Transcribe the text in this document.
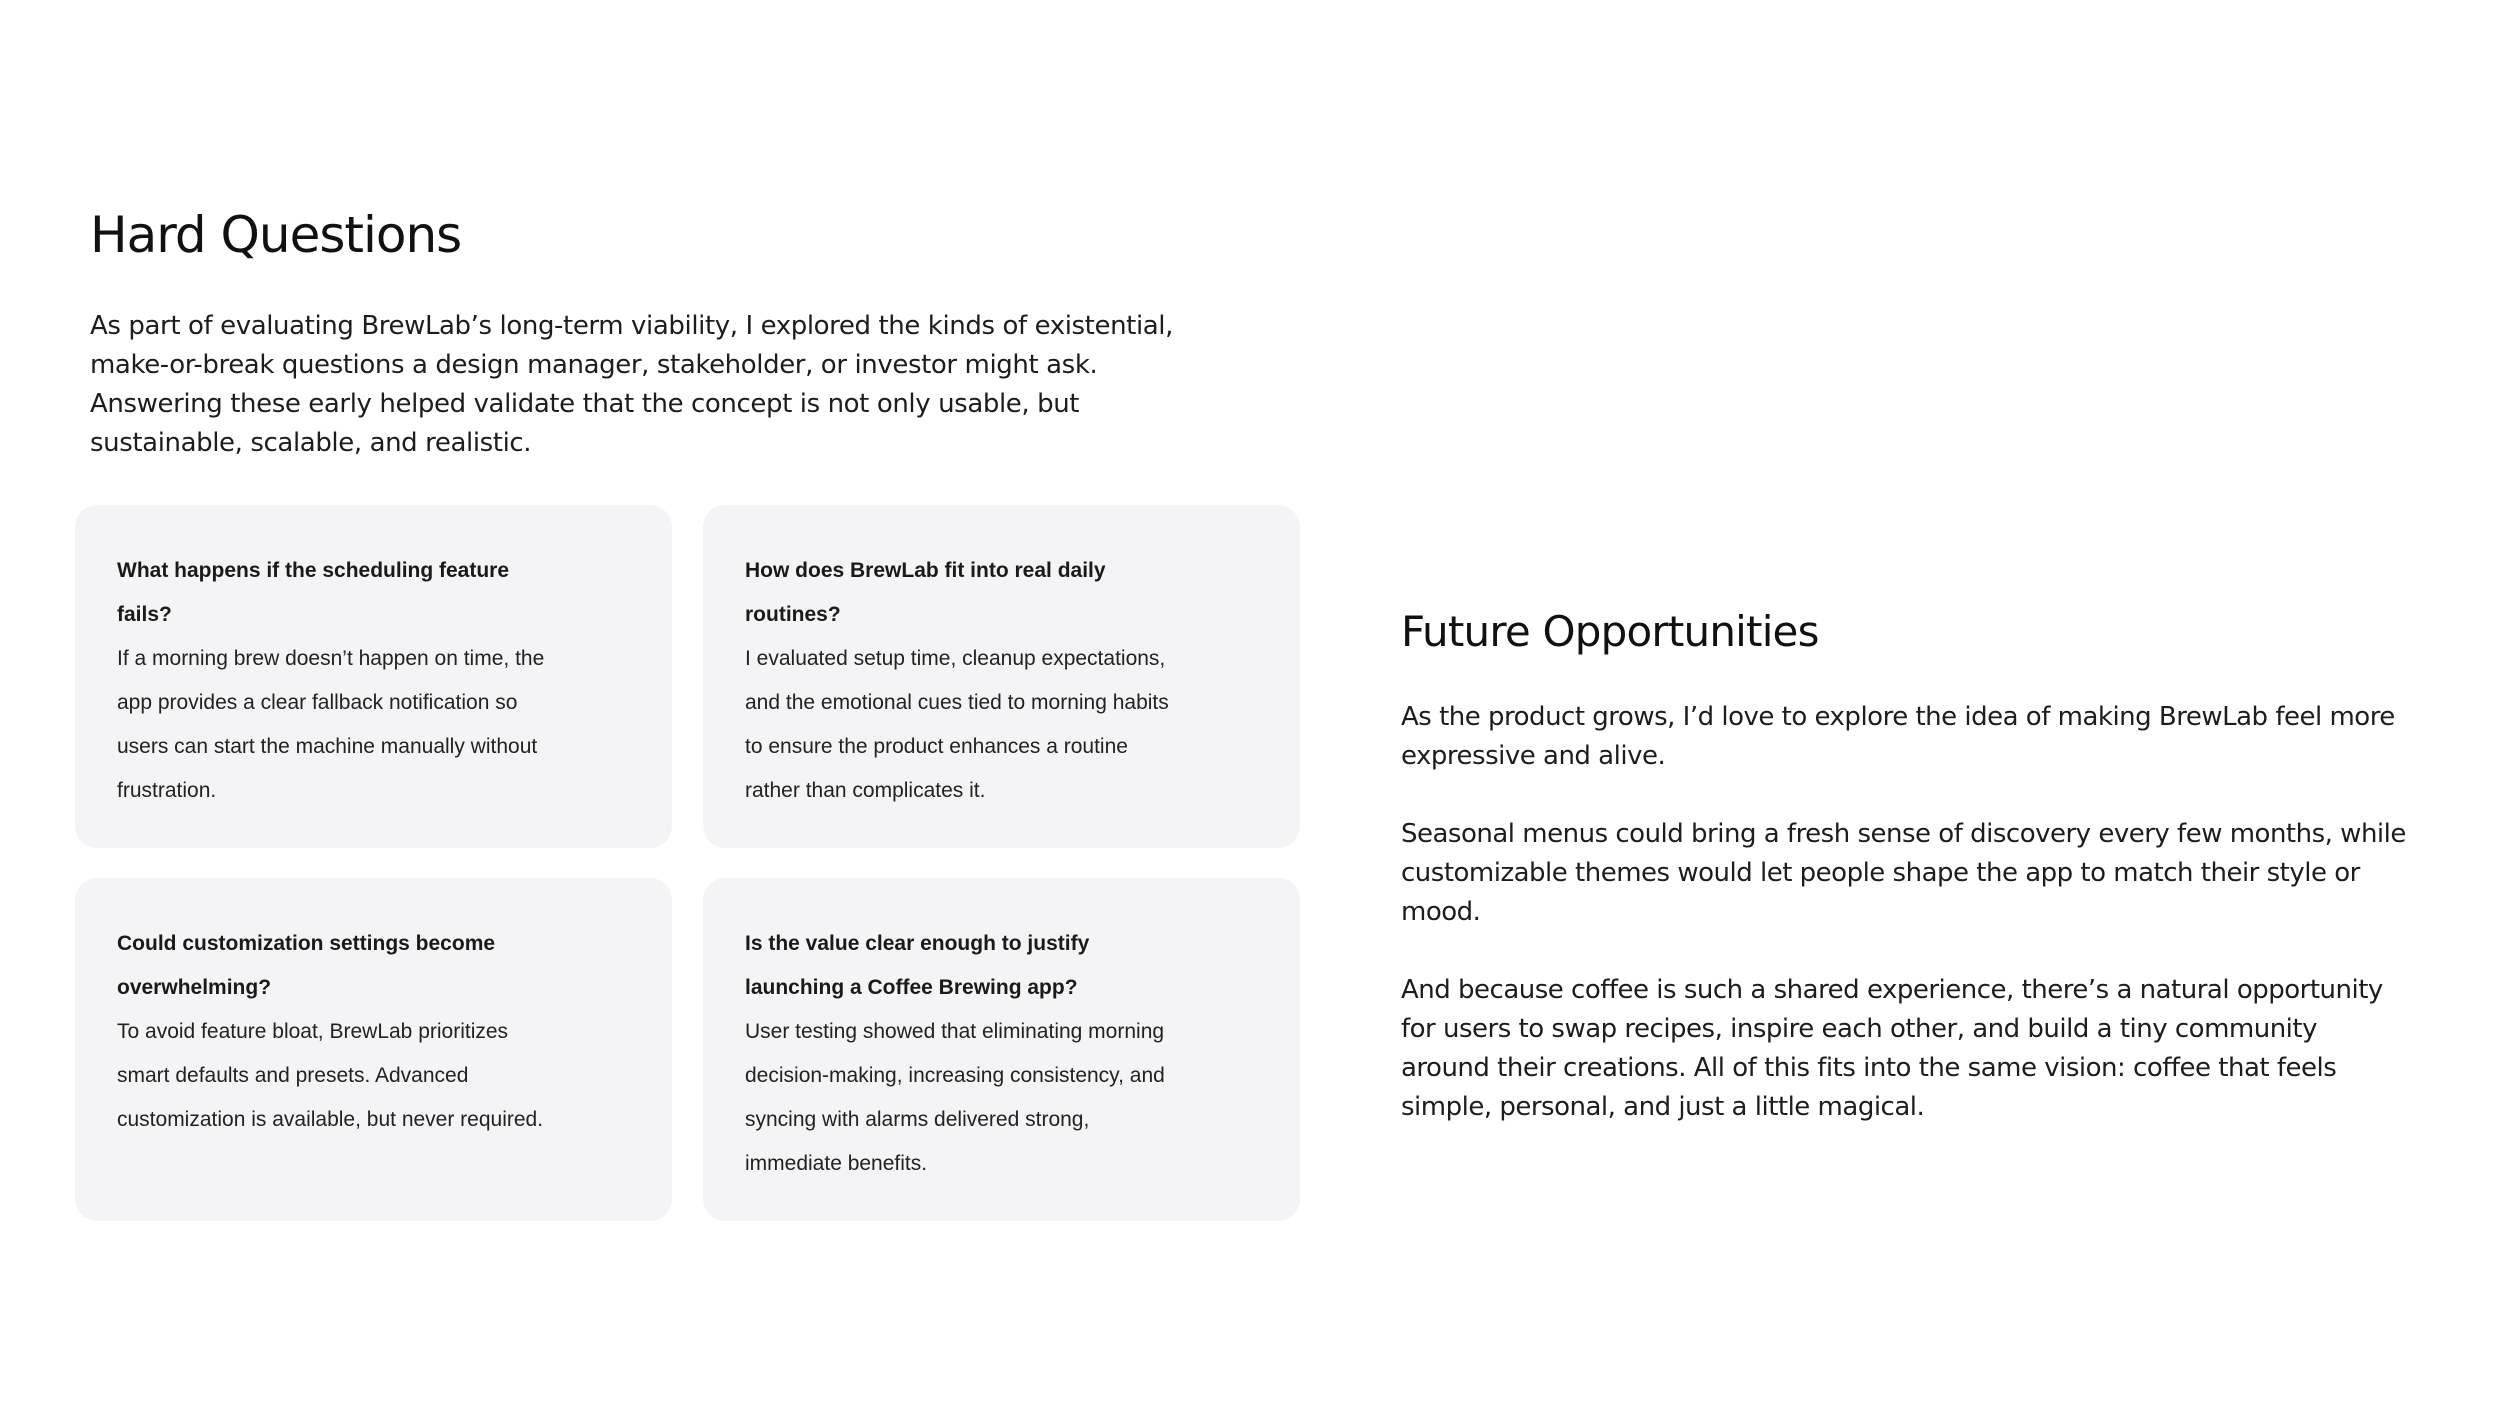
Hard Questions

As part of evaluating BrewLab’s long-term viability, I explored the kinds of existential, make-or-break questions a design manager, stakeholder, or investor might ask. Answering these early helped validate that the concept is not only usable, but sustainable, scalable, and realistic.

What happens if the scheduling feature fails?
If a morning brew doesn’t happen on time, the app provides a clear fallback notification so users can start the machine manually without frustration.
How does BrewLab fit into real daily routines?
I evaluated setup time, cleanup expectations, and the emotional cues tied to morning habits to ensure the product enhances a routine rather than complicates it.
Could customization settings become overwhelming?
To avoid feature bloat, BrewLab prioritizes smart defaults and presets. Advanced customization is available, but never required.
Is the value clear enough to justify launching a Coffee Brewing app?
User testing showed that eliminating morning decision-making, increasing consistency, and syncing with alarms delivered strong, immediate benefits.
Future Opportunities

As the product grows, I’d love to explore the idea of making BrewLab feel more expressive and alive.

Seasonal menus could bring a fresh sense of discovery every few months, while customizable themes would let people shape the app to match their style or mood.

And because coffee is such a shared experience, there’s a natural opportunity for users to swap recipes, inspire each other, and build a tiny community around their creations. All of this fits into the same vision: coffee that feels simple, personal, and just a little magical.
